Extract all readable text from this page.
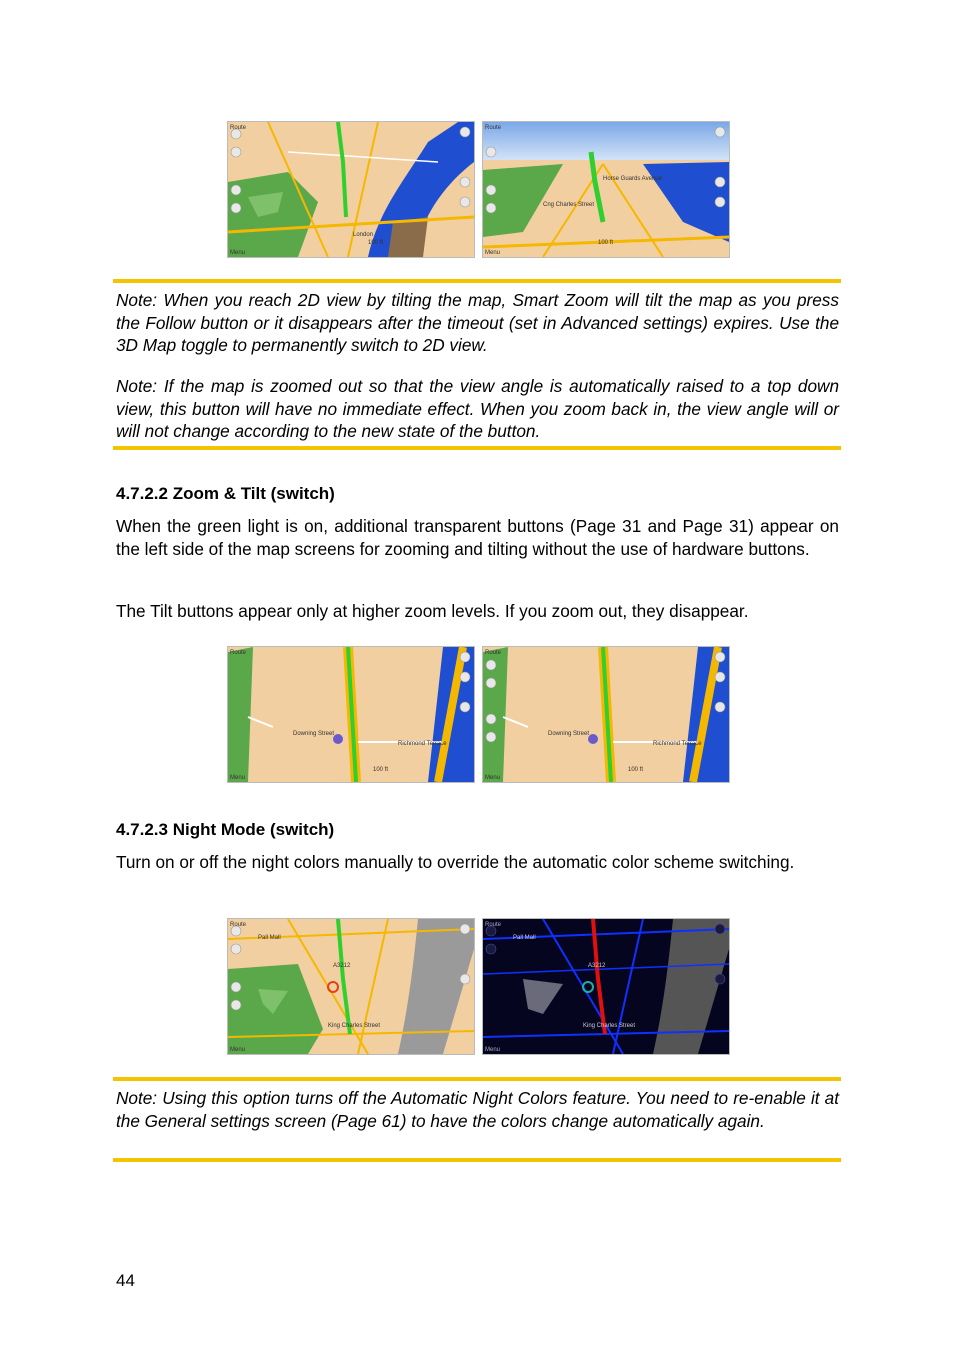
Route
Menu
London
100 ft
Route
Menu
Horse Guards Avenue
Cng Charles Street
100 ft

Note: When you reach 2D view by tilting the map, Smart Zoom will tilt the map as you press the Follow button or it disappears after the timeout (set in Advanced settings) expires. Use the 3D Map toggle to permanently switch to 2D view.

Note: If the map is zoomed out so that the view angle is automatically raised to a top down view, this button will have no immediate effect. When you zoom back in, the view angle will or will not change according to the new state of the button.

4.7.2.2 Zoom & Tilt (switch)

When the green light is on, additional transparent buttons (Page 31 and Page 31) appear on the left side of the map screens for zooming and tilting without the use of hardware buttons.

The Tilt buttons appear only at higher zoom levels. If you zoom out, they disappear.

Route
Menu
Downing Street
Richmond Terrace
100 ft
Route
Menu
Downing Street
Richmond Terrace
100 ft

4.7.2.3 Night Mode (switch)

Turn on or off the night colors manually to override the automatic color scheme switching.

Route
Menu
Pall Mall
King Charles Street
A3212
Route
Menu
Pall Mall
King Charles Street
A3212

Note: Using this option turns off the Automatic Night Colors feature. You need to re-enable it at the General settings screen (Page 61) to have the colors change automatically again.

44
